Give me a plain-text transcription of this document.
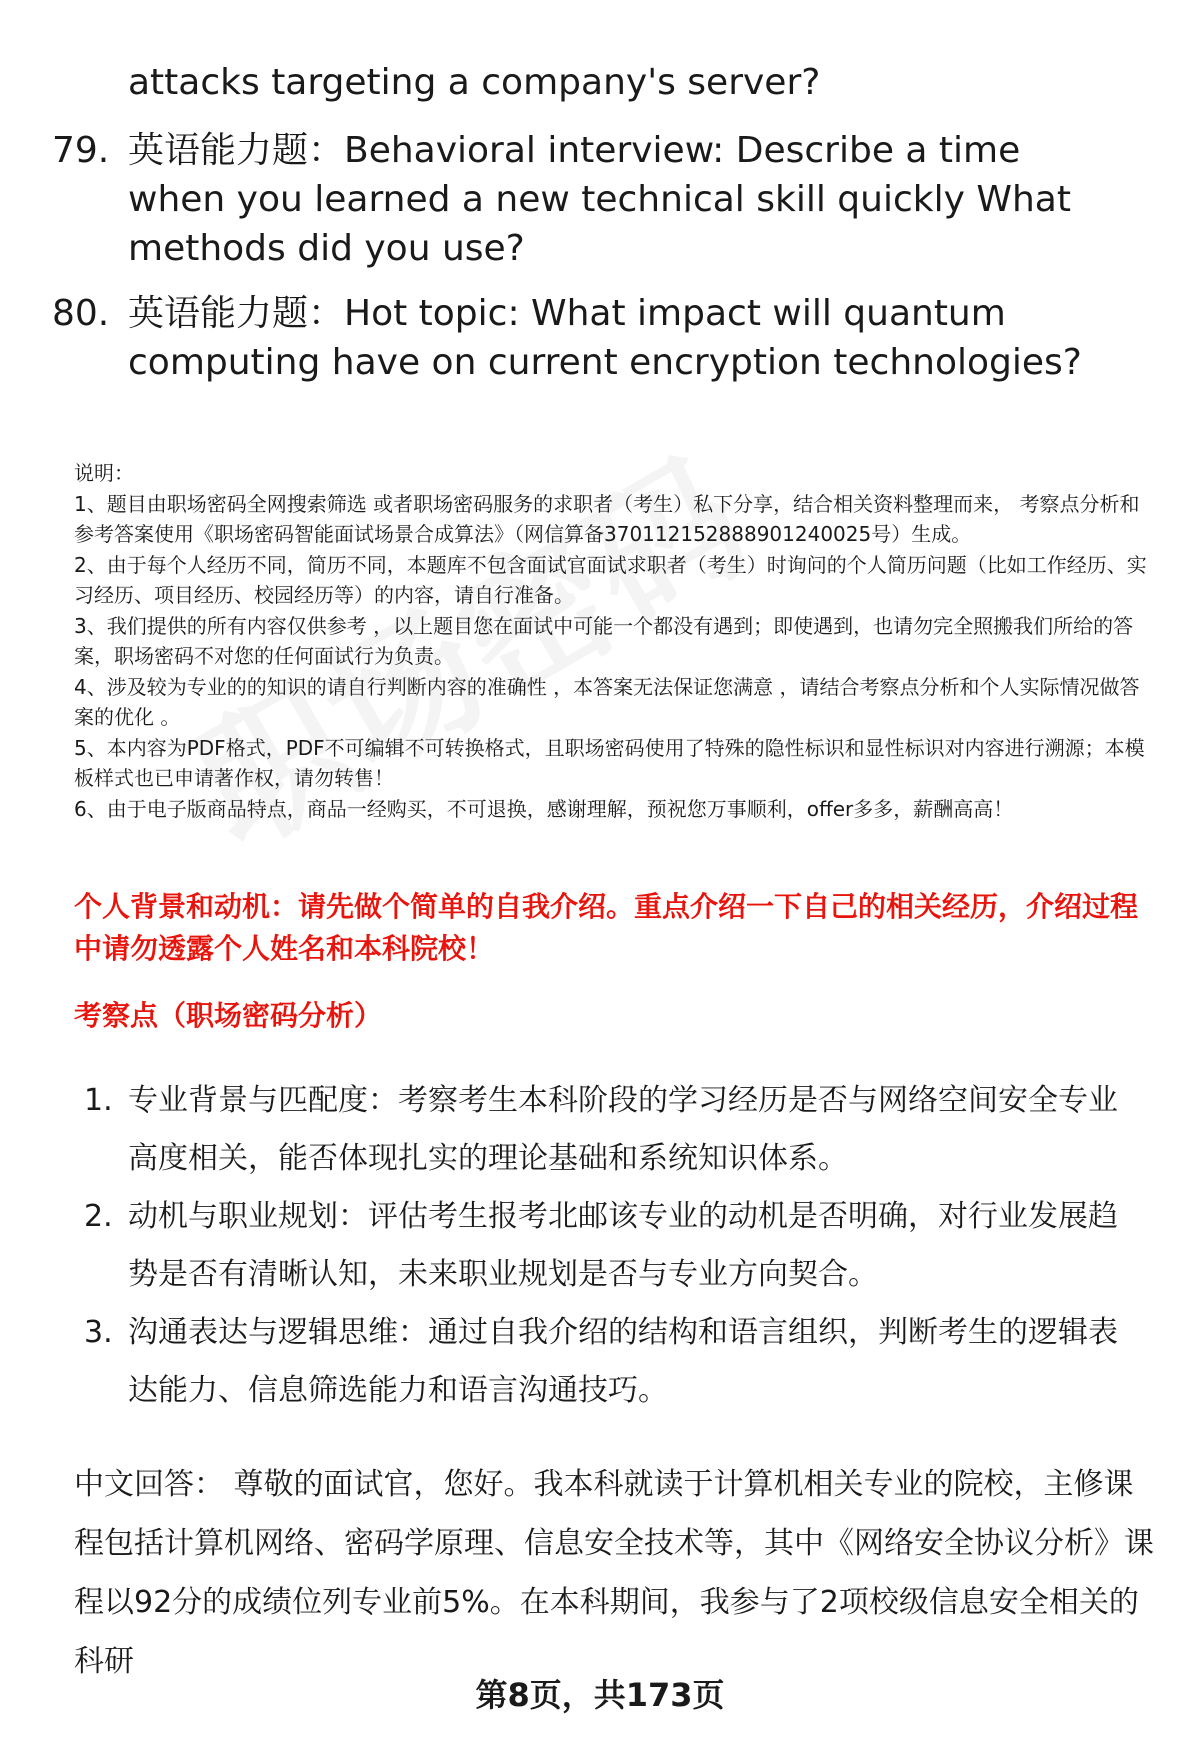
attacks targeting a company's server?
79. 英语能力题：Behavioral interview: Describe a time when you learned a new technical skill quickly What methods did you use?
80. 英语能力题：Hot topic: What impact will quantum computing have on current encryption technologies?
说明：
1、题目由职场密码全网搜索筛选 或者职场密码服务的求职者（考生）私下分享，结合相关资料整理而来， 考察点分析和参考答案使用《职场密码智能面试场景合成算法》（网信算备370112152888901240025号）生成。
2、由于每个人经历不同，简历不同，本题库不包含面试官面试求职者（考生）时询问的个人简历问题（比如工作经历、实习经历、项目经历、校园经历等）的内容，请自行准备。
3、我们提供的所有内容仅供参考 ，以上题目您在面试中可能一个都没有遇到；即使遇到，也请勿完全照搬我们所给的答案，职场密码不对您的任何面试行为负责。
4、涉及较为专业的的知识的请自行判断内容的准确性 ，本答案无法保证您满意 ，请结合考察点分析和个人实际情况做答案的优化 。
5、本内容为PDF格式，PDF不可编辑不可转换格式，且职场密码使用了特殊的隐性标识和显性标识对内容进行溯源；本模板样式也已申请著作权，请勿转售！
6、由于电子版商品特点，商品一经购买，不可退换，感谢理解，预祝您万事顺利，offer多多，薪酬高高！
个人背景和动机：请先做个简单的自我介绍。重点介绍一下自己的相关经历，介绍过程中请勿透露个人姓名和本科院校！
考察点（职场密码分析）
1. 专业背景与匹配度：考察考生本科阶段的学习经历是否与网络空间安全专业高度相关，能否体现扎实的理论基础和系统知识体系。
2. 动机与职业规划：评估考生报考北邮该专业的动机是否明确，对行业发展趋势是否有清晰认知，未来职业规划是否与专业方向契合。
3. 沟通表达与逻辑思维：通过自我介绍的结构和语言组织，判断考生的逻辑表达能力、信息筛选能力和语言沟通技巧。
中文回答： 尊敬的面试官，您好。我本科就读于计算机相关专业的院校，主修课程包括计算机网络、密码学原理、信息安全技术等，其中《网络安全协议分析》课程以92分的成绩位列专业前5%。在本科期间，我参与了2项校级信息安全相关的科研
第8页，共173页
